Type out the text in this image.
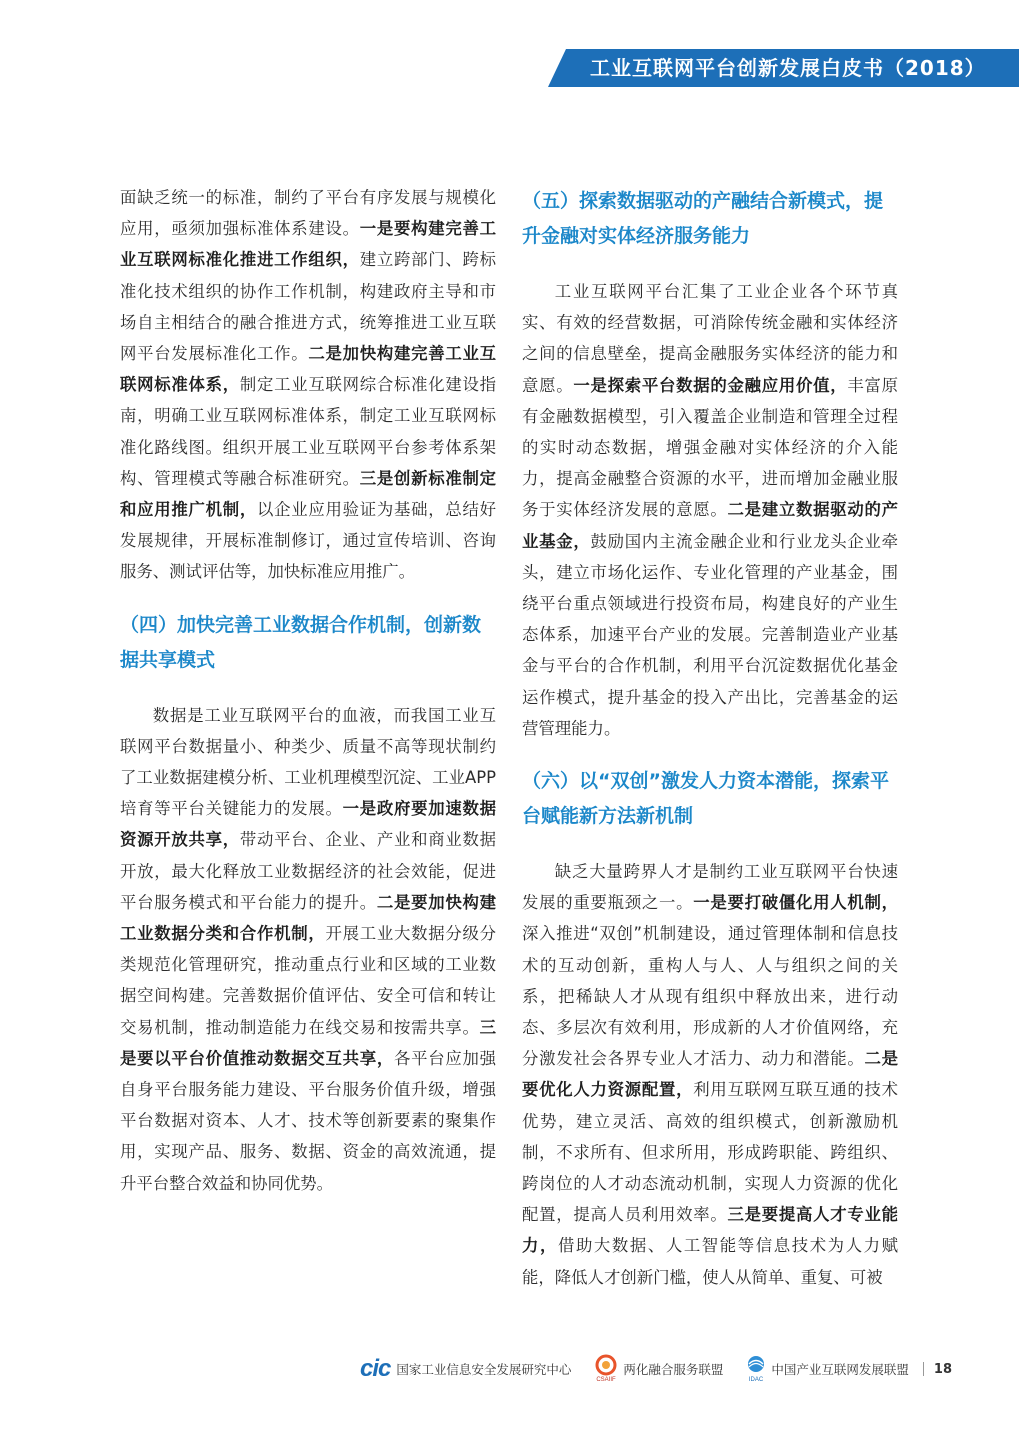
工业互联网平台创新发展白皮书（2018）

面缺乏统一的标准，制约了平台有序发展与规模化应用，亟须加强标准体系建设。一是要构建完善工业互联网标准化推进工作组织，建立跨部门、跨标准化技术组织的协作工作机制，构建政府主导和市场自主相结合的融合推进方式，统筹推进工业互联网平台发展标准化工作。二是加快构建完善工业互联网标准体系，制定工业互联网综合标准化建设指南，明确工业互联网标准体系，制定工业互联网标准化路线图。组织开展工业互联网平台参考体系架构、管理模式等融合标准研究。三是创新标准制定和应用推广机制，以企业应用验证为基础，总结好发展规律，开展标准制修订，通过宣传培训、咨询服务、测试评估等，加快标准应用推广。

（四）加快完善工业数据合作机制，创新数据共享模式

数据是工业互联网平台的血液，而我国工业互联网平台数据量小、种类少、质量不高等现状制约了工业数据建模分析、工业机理模型沉淀、工业APP培育等平台关键能力的发展。一是政府要加速数据资源开放共享，带动平台、企业、产业和商业数据开放，最大化释放工业数据经济的社会效能，促进平台服务模式和平台能力的提升。二是要加快构建工业数据分类和合作机制，开展工业大数据分级分类规范化管理研究，推动重点行业和区域的工业数据空间构建。完善数据价值评估、安全可信和转让交易机制，推动制造能力在线交易和按需共享。三是要以平台价值推动数据交互共享，各平台应加强自身平台服务能力建设、平台服务价值升级，增强平台数据对资本、人才、技术等创新要素的聚集作用，实现产品、服务、数据、资金的高效流通，提升平台整合效益和协同优势。

（五）探索数据驱动的产融结合新模式，提升金融对实体经济服务能力

工业互联网平台汇集了工业企业各个环节真实、有效的经营数据，可消除传统金融和实体经济之间的信息壁垒，提高金融服务实体经济的能力和意愿。一是探索平台数据的金融应用价值，丰富原有金融数据模型，引入覆盖企业制造和管理全过程的实时动态数据，增强金融对实体经济的介入能力，提高金融整合资源的水平，进而增加金融业服务于实体经济发展的意愿。二是建立数据驱动的产业基金，鼓励国内主流金融企业和行业龙头企业牵头，建立市场化运作、专业化管理的产业基金，围绕平台重点领域进行投资布局，构建良好的产业生态体系，加速平台产业的发展。完善制造业产业基金与平台的合作机制，利用平台沉淀数据优化基金运作模式，提升基金的投入产出比，完善基金的运营管理能力。

（六）以“双创”激发人力资本潜能，探索平台赋能新方法新机制

缺乏大量跨界人才是制约工业互联网平台快速发展的重要瓶颈之一。一是要打破僵化用人机制，深入推进“双创”机制建设，通过管理体制和信息技术的互动创新，重构人与人、人与组织之间的关系，把稀缺人才从现有组织中释放出来，进行动态、多层次有效利用，形成新的人才价值网络，充分激发社会各界专业人才活力、动力和潜能。二是要优化人力资源配置，利用互联网互联互通的技术优势，建立灵活、高效的组织模式，创新激励机制，不求所有、但求所用，形成跨职能、跨组织、跨岗位的人才动态流动机制，实现人力资源的优化配置，提高人员利用效率。三是要提高人才专业能力，借助大数据、人工智能等信息技术为人力赋能，降低人才创新门槛，使人从简单、重复、可被

cic 国家工业信息安全发展研究中心
CSAIIF
两化融合服务联盟
IDAC
中国产业互联网发展联盟 18
